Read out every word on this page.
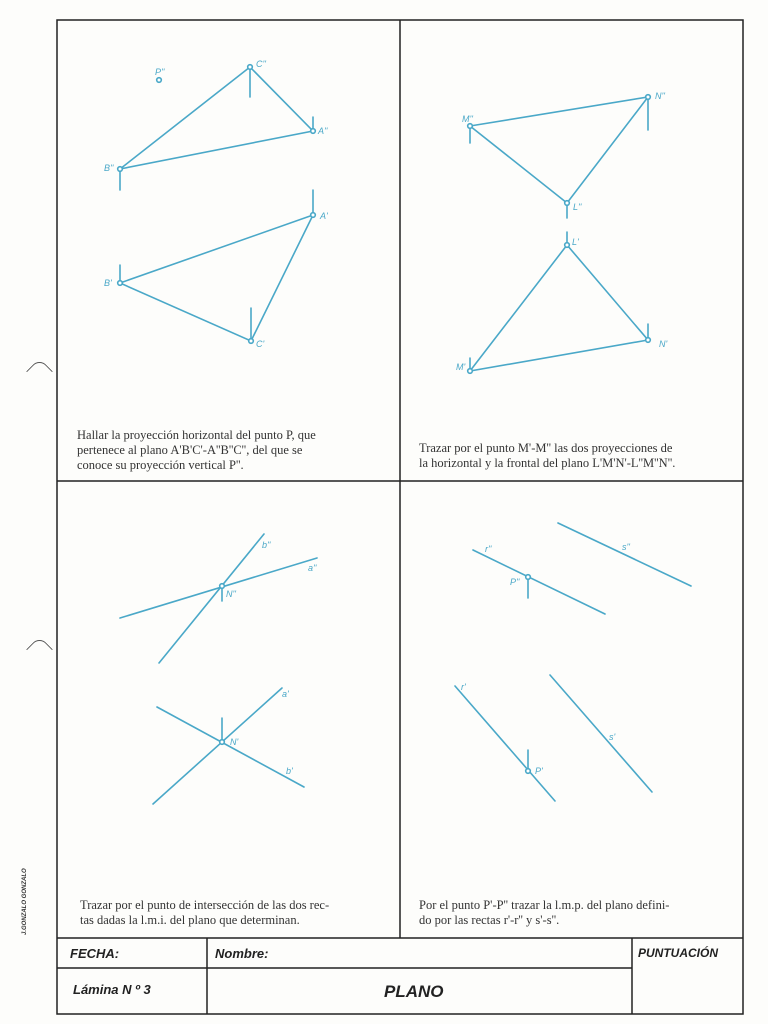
P''
C''
A''
B''
A'
B'
C'
M''
N''
L''
L'
N'
M'
b''
a''
N''
a'
N'
b'
r''	s''
P''
r'
s'
P'
Hallar la proyección horizontal del punto P, que
pertenece al plano A'B'C'-A''B''C'', del que se
conoce su proyección vertical P''.
Trazar por el punto M'-M'' las dos proyecciones de
la horizontal y la frontal del plano L'M'N'-L''M''N''.
Trazar por el punto de intersección de las dos rec-
tas dadas la l.m.i. del plano que determinan.
Por el punto P'-P'' trazar la l.m.p. del plano defini-
do por las rectas r'-r'' y s'-s''.
FECHA:	Nombre:	PUNTUACIÓN
Lámina N º 3	PLANO
J.GONZALO GONZALO
